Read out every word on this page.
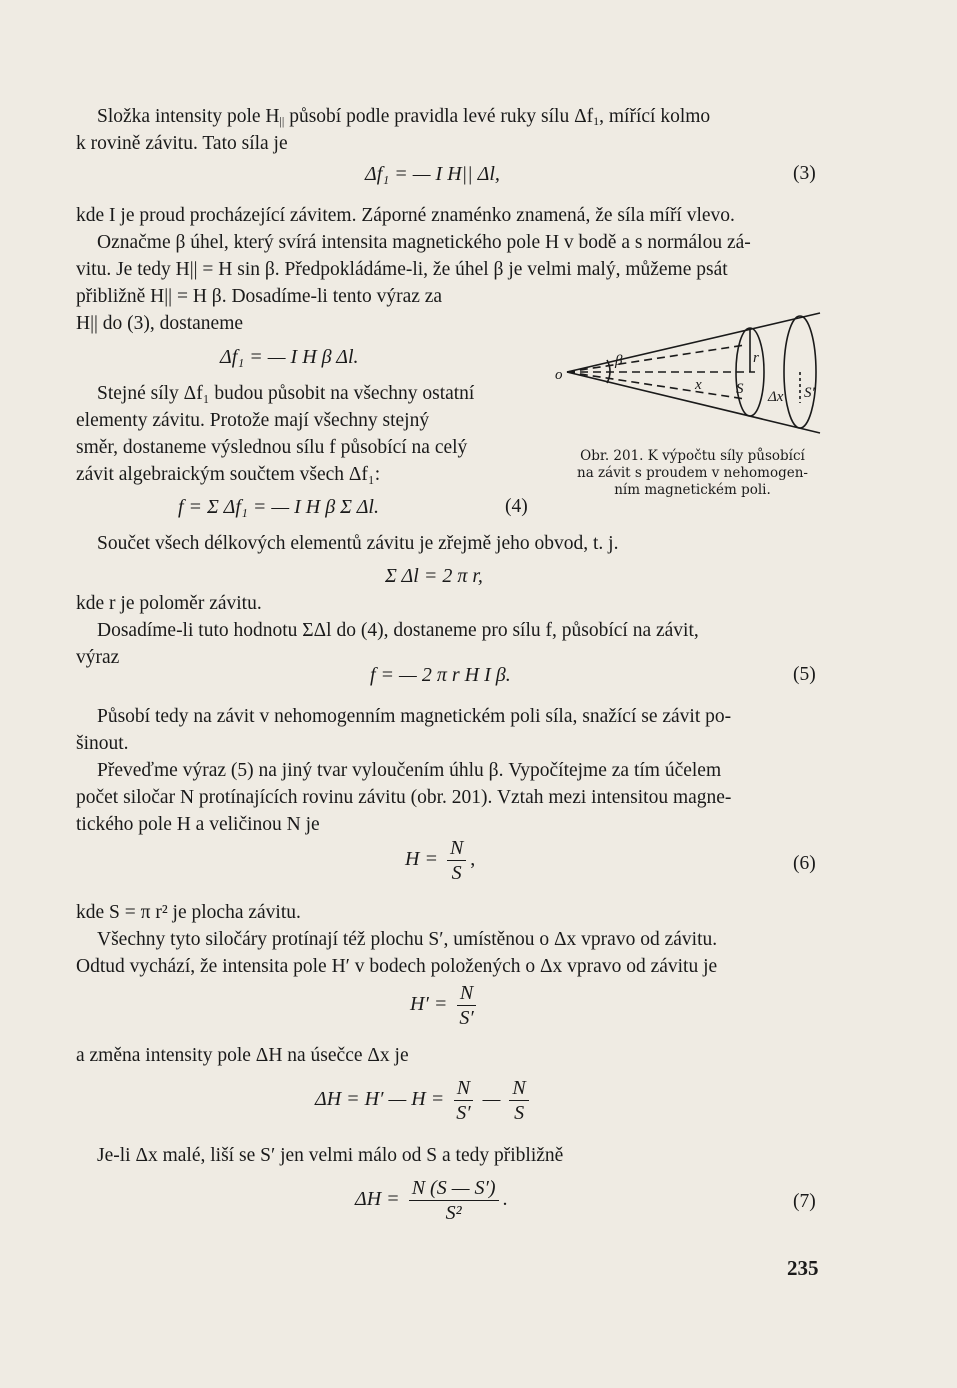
Složka intensity pole $H_{||}$ působí podle pravidla levé ruky sílu $\Delta f_1$, mířící kolmo
k rovině závitu. Tato síla je
Δf₁ = — I H|| Δl,	(3)
kde I je proud procházející závitem. Záporné znaménko znamená, že síla míří vlevo.
Označme β úhel, který svírá intensita magnetického pole H v bodě a s normálou zá-
vitu. Je tedy H|| = H sin β. Předpokládáme-li, že úhel β je velmi malý, můžeme psát
přibližně H|| = H β. Dosadíme-li tento výraz za
H|| do (3), dostaneme
Δf₁ = — I H β Δl.
Stejné síly Δf₁ budou působit na všechny ostatní
elementy závitu. Protože mají všechny stejný
směr, dostaneme výslednou sílu f působící na celý
závit algebraickým součtem všech Δf₁:
f = Σ Δf₁ = — I H β Σ Δl.	(4)
o
β	r
x S	S′
Δx
Obr. 201. K výpočtu síly působící
na závit s proudem v nehomogen-
ním magnetickém poli.
Součet všech délkových elementů závitu je zřejmě jeho obvod, t. j.
Σ Δl = 2 π r,
kde r je poloměr závitu.
Dosadíme-li tuto hodnotu ΣΔl do (4), dostaneme pro sílu f, působící na závit,
výraz
f = — 2 π r H I β.	(5)
Působí tedy na závit v nehomogenním magnetickém poli síla, snažící se závit po-
šinout.
Převeďme výraz (5) na jiný tvar vyloučením úhlu β. Vypočítejme za tím účelem
počet siločar N protínajících rovinu závitu (obr. 201). Vztah mezi intensitou magne-
tického pole H a veličinou N je
$H = \frac{N}{S}$ ,	(6)
kde S = π r² je plocha závitu.
Všechny tyto siločáry protínají též plochu S′, umístěnou o Δx vpravo od závitu.
Odtud vychází, že intensita pole H′ v bodech položených o Δx vpravo od závitu je
$H' = \frac{N}{S'}$
a změna intensity pole ΔH na úsečce Δx je
ΔH = H′ — $H = \frac{N}{S'}$ — $\frac{N}{S}$
Je-li Δx malé, liší se S′ jen velmi málo od S a tedy přibližně
$\Delta H = \frac{N (S — S')}{\text{S²}}$ .	(7)
235
